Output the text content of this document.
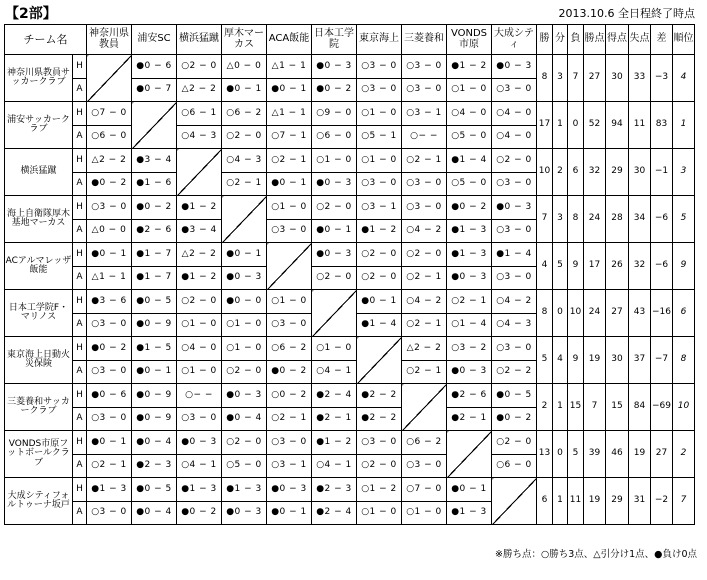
【2部】	2013.10.6 全日程終了時点
チーム名		神奈川県教員	浦安SC	横浜猛蹴	厚木マーカス	ACA飯能	日本工学院	東京海上	三菱養和	VONDS市原	大成シティ	勝	分	負	勝点	得点	失点	差	順位
神奈川県教員サッカークラブ	H		●0 − 6	○2 − 0	△0 − 0	△1 − 1	●0 − 3	○3 − 0	○3 − 0	●1 − 2	●0 − 3	8	3	7	27	30	33	−3	4
	A		●0 − 7	△2 − 2	●0 − 1	●0 − 1	●0 − 2	○3 − 0	○3 − 0	○1 − 0	○3 − 0								
浦安サッカークラブ	H	○7 − 0		○6 − 1	○6 − 2	△1 − 1	○9 − 0	○1 − 0	○3 − 1	○4 − 0	○4 − 0	17	1	0	52	94	11	83	1
	A	○6 − 0		○4 − 3	○2 − 0	○7 − 1	○6 − 0	○5 − 1	○− −	○5 − 0	○4 − 0								
横浜猛蹴	H	△2 − 2	●3 − 4		○4 − 3	○2 − 1	○1 − 0	○1 − 0	○2 − 1	●1 − 4	○2 − 0	10	2	6	32	29	30	−1	3
	A	●0 − 2	●1 − 6		○2 − 1	●0 − 1	●0 − 3	○3 − 0	○3 − 0	○5 − 0	○3 − 0								
海上自衛隊厚木基地マーカス	H	○3 − 0	●0 − 2	●1 − 2		○1 − 0	○2 − 0	○3 − 1	○3 − 0	●0 − 2	●0 − 3	7	3	8	24	28	34	−6	5
	A	△0 − 0	●2 − 6	●3 − 4		○3 − 0	●0 − 1	●1 − 2	○4 − 2	●1 − 3	○3 − 0								
ACアルマレッザ飯能	H	●0 − 1	●1 − 7	△2 − 2	●0 − 1		●0 − 3	○2 − 0	○2 − 0	●1 − 3	●1 − 4	4	5	9	17	26	32	−6	9
	A	△1 − 1	●1 − 7	●1 − 2	●0 − 3		○2 − 0	○2 − 0	○2 − 1	●0 − 3	○3 − 0								
日本工学院F・マリノス	H	●3 − 6	●0 − 5	○2 − 0	●0 − 0	○1 − 0		●0 − 1	○4 − 2	○2 − 1	○4 − 2	8	0	10	24	27	43	−16	6
	A	○3 − 0	●0 − 9	○1 − 0	○1 − 0	○3 − 0		●1 − 4	○2 − 1	○1 − 4	○4 − 3								
東京海上日動火災保険	H	●0 − 2	●1 − 5	○4 − 0	○1 − 0	○6 − 2	○1 − 0		△2 − 2	○3 − 2	○3 − 0	5	4	9	19	30	37	−7	8
	A	○3 − 0	●0 − 1	○1 − 0	○2 − 0	●0 − 2	○4 − 1		○2 − 1	●0 − 3	○2 − 2								
三菱養和サッカークラブ	H	●0 − 6	●0 − 9	○− −	●0 − 3	○0 − 2	●2 − 4	●2 − 2		●2 − 6	●0 − 5	2	1	15	7	15	84	−69	10
	A	○3 − 0	●0 − 9	○3 − 0	●0 − 4	○2 − 1	●2 − 1	●2 − 2		●2 − 1	●0 − 2								
VONDS市原フットボールクラブ	H	●0 − 1	●0 − 4	●0 − 3	○2 − 0	○3 − 0	●1 − 2	○3 − 0	○6 − 2		○2 − 0	13	0	5	39	46	19	27	2
	A	○2 − 1	●2 − 3	○4 − 1	○5 − 0	○3 − 1	○4 − 1	○2 − 0	○3 − 0		○6 − 0								
大成シティフォルトゥーナ坂戸	H	●1 − 3	●0 − 5	●1 − 3	●1 − 3	●0 − 3	●2 − 3	○1 − 2	○7 − 0	●0 − 1		6	1	11	19	29	31	−2	7
	A	○3 − 0	●0 − 4	●0 − 2	●0 − 3	●0 − 1	●2 − 4	○1 − 0	○1 − 0	●1 − 3									
※勝ち点：○勝ち3点、△引分け1点、●負け0点
